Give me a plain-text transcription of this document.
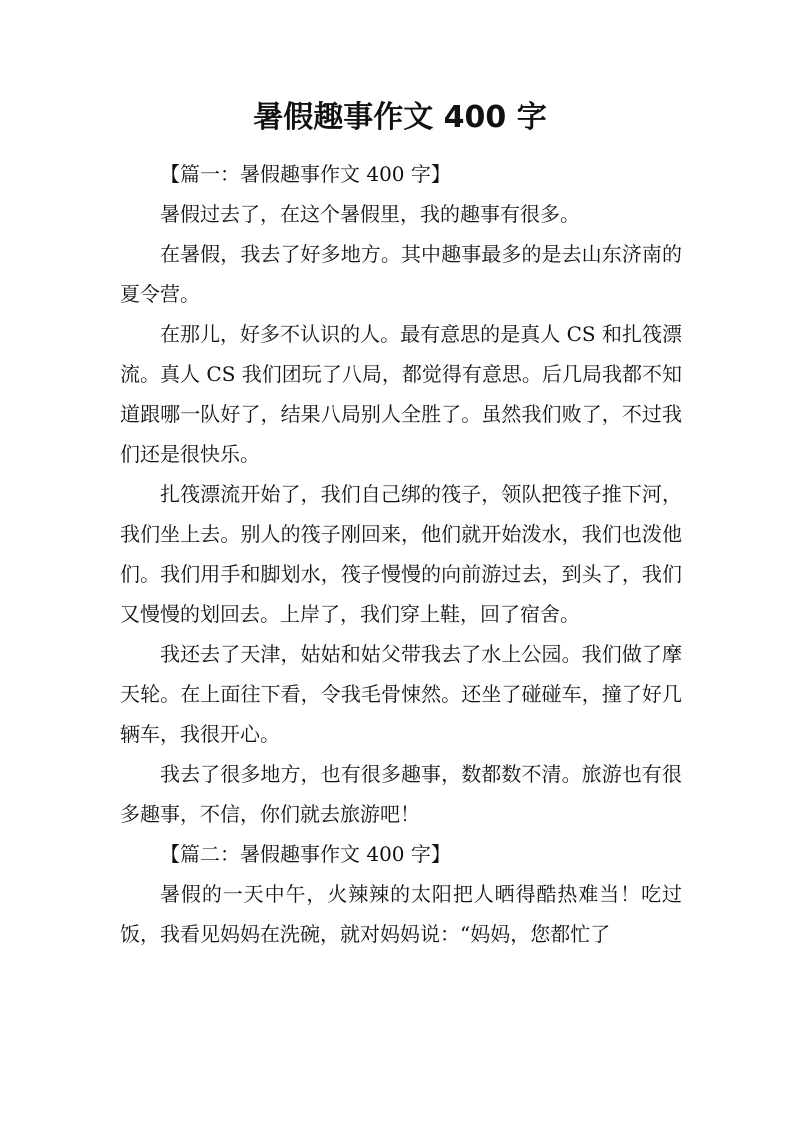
暑假趣事作文 400 字

【篇一：暑假趣事作文 400 字】

暑假过去了，在这个暑假里，我的趣事有很多。

在暑假，我去了好多地方。其中趣事最多的是去山东济南的夏令营。

在那儿，好多不认识的人。最有意思的是真人 CS 和扎筏漂流。真人 CS 我们团玩了八局，都觉得有意思。后几局我都不知道跟哪一队好了，结果八局别人全胜了。虽然我们败了，不过我们还是很快乐。

扎筏漂流开始了，我们自己绑的筏子，领队把筏子推下河，我们坐上去。别人的筏子刚回来，他们就开始泼水，我们也泼他们。我们用手和脚划水，筏子慢慢的向前游过去，到头了，我们又慢慢的划回去。上岸了，我们穿上鞋，回了宿舍。

我还去了天津，姑姑和姑父带我去了水上公园。我们做了摩天轮。在上面往下看，令我毛骨悚然。还坐了碰碰车，撞了好几辆车，我很开心。

我去了很多地方，也有很多趣事，数都数不清。旅游也有很多趣事，不信，你们就去旅游吧！

【篇二：暑假趣事作文 400 字】

暑假的一天中午，火辣辣的太阳把人晒得酷热难当！吃过饭，我看见妈妈在洗碗，就对妈妈说：“妈妈，您都忙了
